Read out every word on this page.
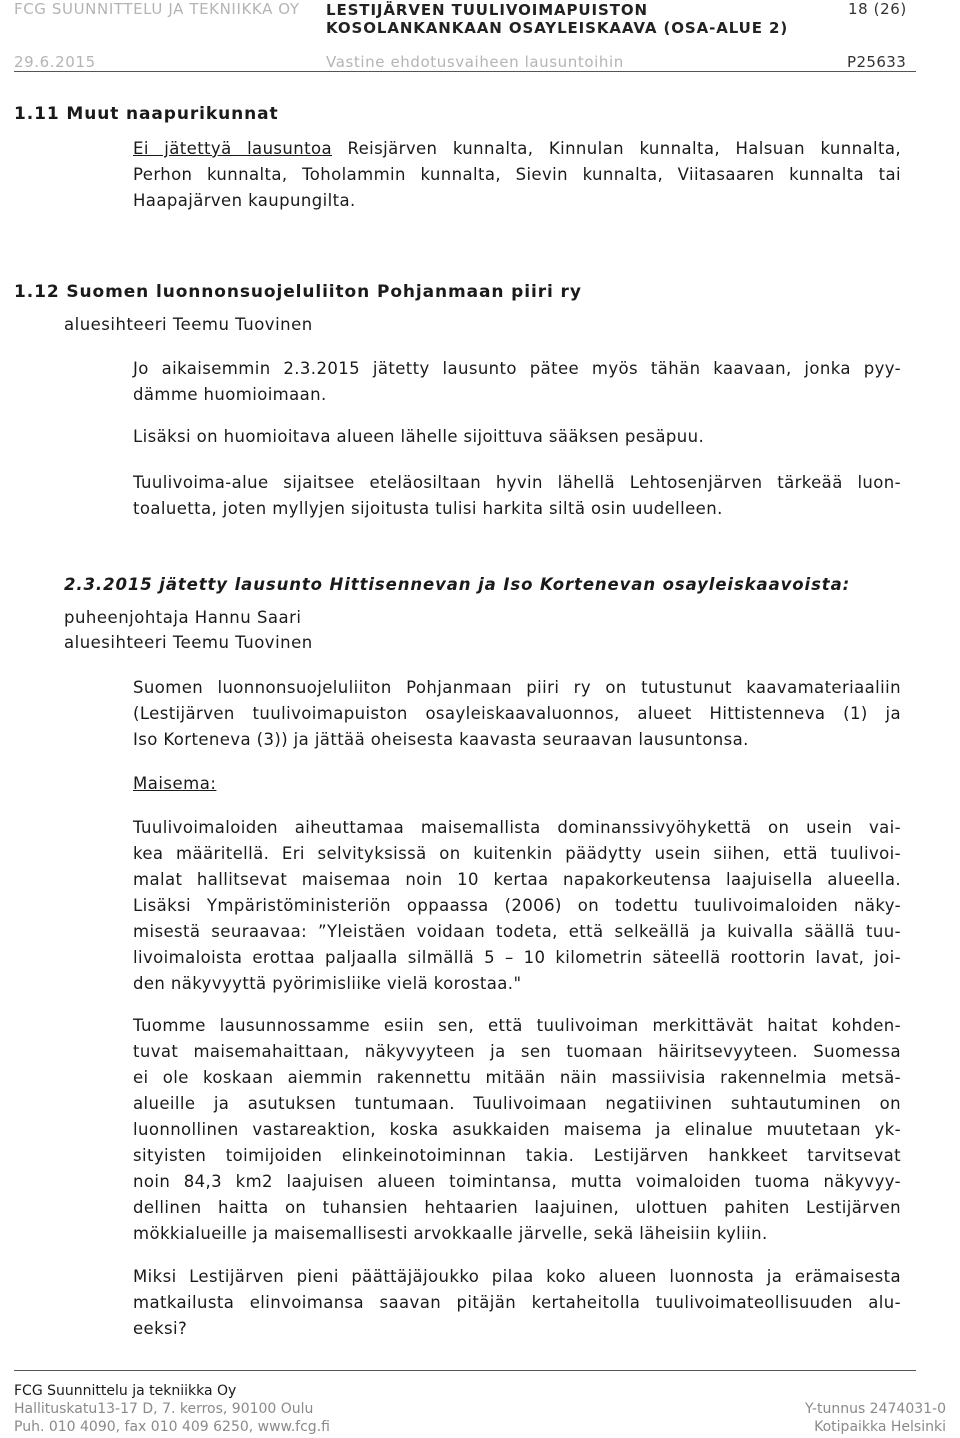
FCG SUUNNITTELU JA TEKNIIKKA OY LESTIJÄRVEN TUULIVOIMAPUISTON
KOSOLANKANKAAN OSAYLEISKAAVA (OSA-ALUE 2)
18 (26)
29.6.2015	Vastine ehdotusvaiheen lausuntoihin	P25633
1.11 Muut naapurikunnat
Ei jätettyä lausuntoa Reisjärven kunnalta, Kinnulan kunnalta, Halsuan kunnalta,
Perhon kunnalta, Toholammin kunnalta, Sievin kunnalta, Viitasaaren kunnalta tai
Haapajärven kaupungilta.
1.12 Suomen luonnonsuojeluliiton Pohjanmaan piiri ry
aluesihteeri Teemu Tuovinen
Jo aikaisemmin 2.3.2015 jätetty lausunto pätee myös tähän kaavaan, jonka pyy-
dämme huomioimaan.
Lisäksi on huomioitava alueen lähelle sijoittuva sääksen pesäpuu.
Tuulivoima-alue sijaitsee eteläosiltaan hyvin lähellä Lehtosenjärven tärkeää luon-
toaluetta, joten myllyjen sijoitusta tulisi harkita siltä osin uudelleen.
2.3.2015 jätetty lausunto Hittisennevan ja Iso Kortenevan osayleiskaavoista:
puheenjohtaja Hannu Saari
aluesihteeri Teemu Tuovinen
Suomen luonnonsuojeluliiton Pohjanmaan piiri ry on tutustunut kaavamateriaaliin
(Lestijärven tuulivoimapuiston osayleiskaavaluonnos, alueet Hittistenneva (1) ja
Iso Korteneva (3)) ja jättää oheisesta kaavasta seuraavan lausuntonsa.
Maisema:
Tuulivoimaloiden aiheuttamaa maisemallista dominanssivyöhykettä on usein vai-
kea määritellä. Eri selvityksissä on kuitenkin päädytty usein siihen, että tuulivoi-
malat hallitsevat maisemaa noin 10 kertaa napakorkeutensa laajuisella alueella.
Lisäksi Ympäristöministeriön oppaassa (2006) on todettu tuulivoimaloiden näky-
misestä seuraavaa: ”Yleistäen voidaan todeta, että selkeällä ja kuivalla säällä tuu-
livoimaloista erottaa paljaalla silmällä 5 – 10 kilometrin säteellä roottorin lavat, joi-
den näkyvyyttä pyörimisliike vielä korostaa."
Tuomme lausunnossamme esiin sen, että tuulivoiman merkittävät haitat kohden-
tuvat maisemahaittaan, näkyvyyteen ja sen tuomaan häiritsevyyteen. Suomessa
ei ole koskaan aiemmin rakennettu mitään näin massiivisia rakennelmia metsä-
alueille ja asutuksen tuntumaan. Tuulivoimaan negatiivinen suhtautuminen on
luonnollinen vastareaktion, koska asukkaiden maisema ja elinalue muutetaan yk-
sityisten toimijoiden elinkeinotoiminnan takia. Lestijärven hankkeet tarvitsevat
noin 84,3 km2 laajuisen alueen toimintansa, mutta voimaloiden tuoma näkyvyy-
dellinen haitta on tuhansien hehtaarien laajuinen, ulottuen pahiten Lestijärven
mökkialueille ja maisemallisesti arvokkaalle järvelle, sekä läheisiin kyliin.
Miksi Lestijärven pieni päättäjäjoukko pilaa koko alueen luonnosta ja erämaisesta
matkailusta elinvoimansa saavan pitäjän kertaheitolla tuulivoimateollisuuden alu-
eeksi?
FCG Suunnittelu ja tekniikka Oy
Hallituskatu13-17 D, 7. kerros, 90100 Oulu
Puh. 010 4090, fax 010 409 6250, www.fcg.fi
Y-tunnus 2474031-0
Kotipaikka Helsinki
